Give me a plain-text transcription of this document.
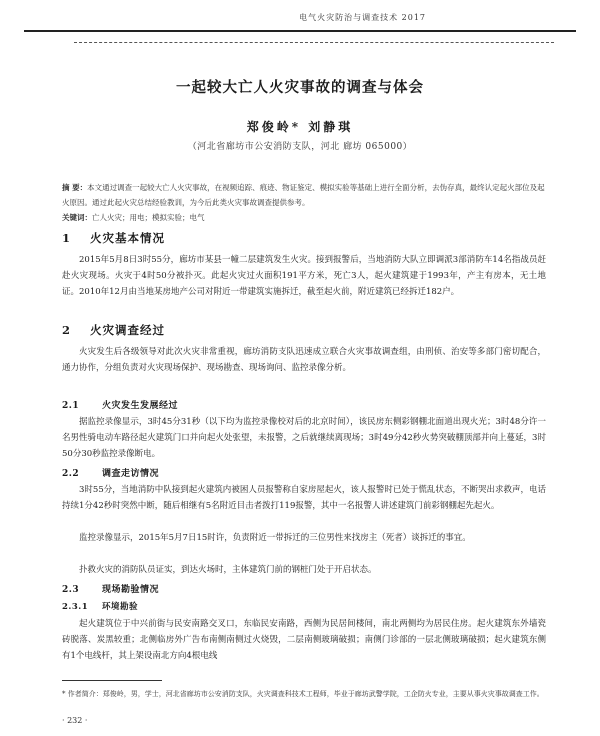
电气火灾防治与调查技术 2017
一起较大亡人火灾事故的调查与体会
郑俊岭* 刘静琪
（河北省廊坊市公安消防支队，河北 廊坊 065000）
摘 要：本文通过调查一起较大亡人火灾事故，在视频追踪、痕迹、物证鉴定、模拟实验等基础上进行全面分析，去伪存真，最终认定起火部位及起火原因。通过此起火灾总结经验教训，为今后此类火灾事故调查提供参考。
关键词：亡人火灾；用电；模拟实验；电气
1 火灾基本情况
2015年5月8日3时55分，廊坊市某县一幢二层建筑发生火灾。接到报警后，当地消防大队立即调派3部消防车14名指战员赶赴火灾现场。火灾于4时50分被扑灭。此起火灾过火面积191平方米，死亡3人，起火建筑建于1993年，产主有房本，无土地证。2010年12月由当地某房地产公司对附近一带建筑实施拆迁，截至起火前，附近建筑已经拆迁182户。
2 火灾调查经过
火灾发生后各级领导对此次火灾非常重视，廊坊消防支队迅速成立联合火灾事故调查组，由刑侦、治安等多部门密切配合，通力协作，分组负责对火灾现场保护、现场勘查、现场询问、监控录像分析。
2.1	火灾发生发展经过
据监控录像显示，3时45分31秒（以下均为监控录像校对后的北京时间），该民房东侧彩钢棚北面道出现火光；3时48分许一名男性骑电动车路径起火建筑门口并向起火处张望，未报警，之后就继续离现场；3时49分42秒火势突破棚顶部并向上蔓延，3时50分30秒监控录像断电。
2.2	调查走访情况
3时55分，当地消防中队接到起火建筑内被困人员报警称自家房屋起火，该人报警时已处于慌乱状态，不断哭出求救声，电话持续1分42秒时突然中断，随后相继有5名附近目击者拨打119报警，其中一名报警人讲述建筑门前彩钢棚起先起火。
监控录像显示，2015年5月7日15时许，负责附近一带拆迁的三位男性来找房主（死者）谈拆迁的事宜。
扑救火灾的消防队员证实，到达火场时，主体建筑门前的钢桩门处于开启状态。
2.3	现场勘验情况
2.3.1 环境勘验
起火建筑位于中兴前街与民安南路交叉口，东临民安南路，西侧为民居间楼间，南北两侧均为居民住房。起火建筑东外墙瓷砖脱落、炭黑较重；北侧临房外广告布南侧南侧过火烧毁，二层南侧玻璃破损；南侧门诊部的一层北侧玻璃破损；起火建筑东侧有1个电线杆，其上架设南北方向4根电线
* 作者简介：郑俊岭，男，学士，河北省廊坊市公安消防支队，火灾调查科技术工程师，毕业于廊坊武警学院，工企防火专业，主要从事火灾事故调查工作。
· 232 ·
